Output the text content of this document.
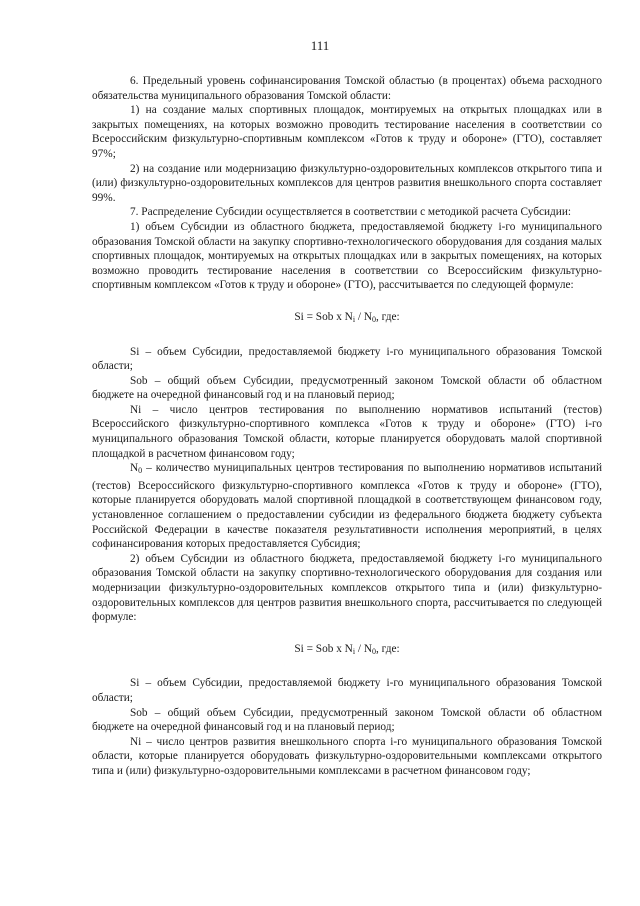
111

6. Предельный уровень софинансирования Томской областью (в процентах) объема расходного обязательства муниципального образования Томской области:

1) на создание малых спортивных площадок, монтируемых на открытых площадках или в закрытых помещениях, на которых возможно проводить тестирование населения в соответствии со Всероссийским физкультурно-спортивным комплексом «Готов к труду и обороне» (ГТО), составляет 97%;

2) на создание или модернизацию физкультурно-оздоровительных комплексов открытого типа и (или) физкультурно-оздоровительных комплексов для центров развития внешкольного спорта составляет 99%.

7. Распределение Субсидии осуществляется в соответствии с методикой расчета Субсидии:

1) объем Субсидии из областного бюджета, предоставляемой бюджету i-го муниципального образования Томской области на закупку спортивно-технологического оборудования для создания малых спортивных площадок, монтируемых на открытых площадках или в закрытых помещениях, на которых возможно проводить тестирование населения в соответствии со Всероссийским физкультурно-спортивным комплексом «Готов к труду и обороне» (ГТО), рассчитывается по следующей формуле:

Si = Sob x $N_i / N_0$, где:

Si – объем Субсидии, предоставляемой бюджету i-го муниципального образования Томской области;

Sob – общий объем Субсидии, предусмотренный законом Томской области об областном бюджете на очередной финансовый год и на плановый период;

Ni – число центров тестирования по выполнению нормативов испытаний (тестов) Всероссийского физкультурно-спортивного комплекса «Готов к труду и обороне» (ГТО) i-го муниципального образования Томской области, которые планируется оборудовать малой спортивной площадкой в расчетном финансовом году;

$N_0$ – количество муниципальных центров тестирования по выполнению нормативов испытаний (тестов) Всероссийского физкультурно-спортивного комплекса «Готов к труду и обороне» (ГТО), которые планируется оборудовать малой спортивной площадкой в соответствующем финансовом году, установленное соглашением о предоставлении субсидии из федерального бюджета бюджету субъекта Российской Федерации в качестве показателя результативности исполнения мероприятий, в целях софинансирования которых предоставляется Субсидия;

2) объем Субсидии из областного бюджета, предоставляемой бюджету i-го муниципального образования Томской области на закупку спортивно-технологического оборудования для создания или модернизации физкультурно-оздоровительных комплексов открытого типа и (или) физкультурно-оздоровительных комплексов для центров развития внешкольного спорта, рассчитывается по следующей формуле:

Si = Sob x $N_i / N_0$, где:

Si – объем Субсидии, предоставляемой бюджету i-го муниципального образования Томской области;

Sob – общий объем Субсидии, предусмотренный законом Томской области об областном бюджете на очередной финансовый год и на плановый период;

Ni – число центров развития внешкольного спорта i-го муниципального образования Томской области, которые планируется оборудовать физкультурно-оздоровительными комплексами открытого типа и (или) физкультурно-оздоровительными комплексами в расчетном финансовом году;
